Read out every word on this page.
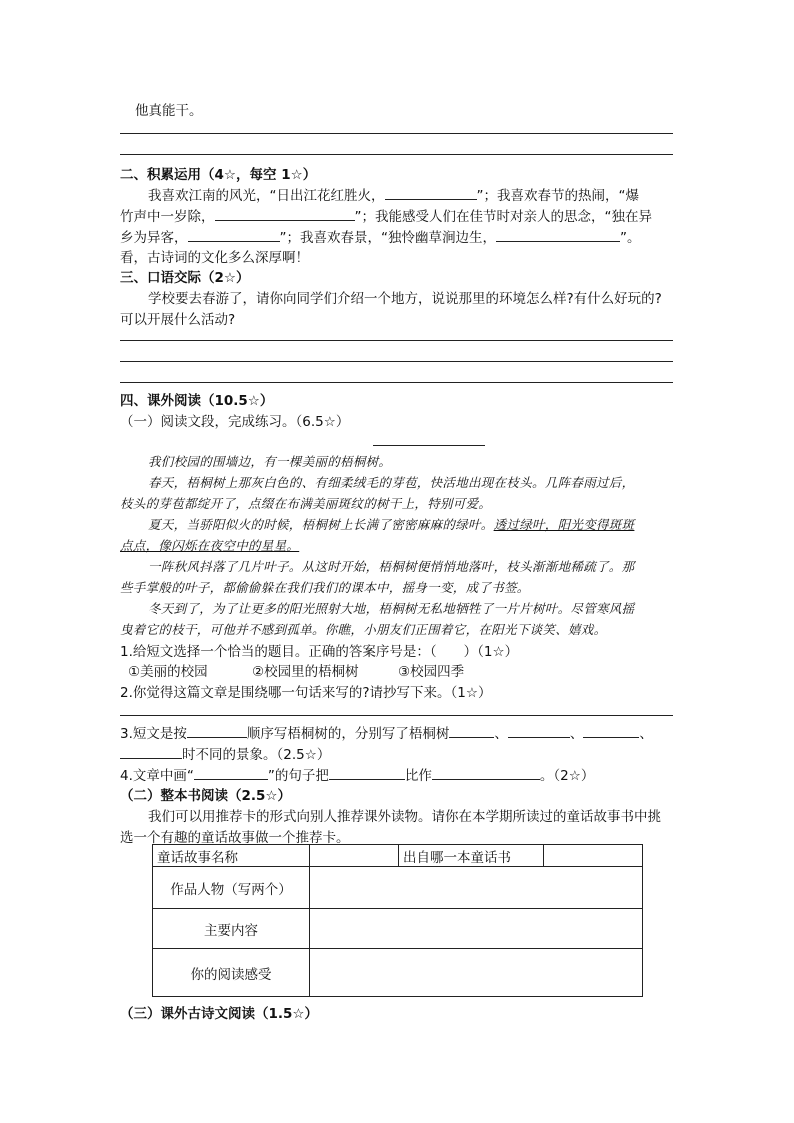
他真能干。
二、积累运用（4☆，每空 1☆）
我喜欢江南的风光，“日出江花红胜火，	”；我喜欢春节的热闹，“爆
竹声中一岁除，	”；我能感受人们在佳节时对亲人的思念，“独在异
乡为异客，	”；我喜欢春景，“独怜幽草涧边生，	”。
看，古诗词的文化多么深厚啊！
三、口语交际（2☆）
学校要去春游了，请你向同学们介绍一个地方，说说那里的环境怎么样?有什么好玩的?
可以开展什么活动?
四、课外阅读（10.5☆）
（一）阅读文段，完成练习。（6.5☆）
我们校园的围墙边，有一棵美丽的梧桐树。
春天，梧桐树上那灰白色的、有细柔绒毛的芽苞，快活地出现在枝头。几阵春雨过后，
枝头的芽苞都绽开了，点缀在布满美丽斑纹的树干上，特别可爱。
夏天，当骄阳似火的时候，梧桐树上长满了密密麻麻的绿叶。透过绿叶，阳光变得斑斑
点点，像闪烁在夜空中的星星。
一阵秋风抖落了几片叶子。从这时开始，梧桐树便悄悄地落叶，枝头渐渐地稀疏了。那
些手掌般的叶子，都偷偷躲在我们我们的课本中，摇身一变，成了书签。
冬天到了，为了让更多的阳光照射大地，梧桐树无私地牺牲了一片片树叶。尽管寒风摇
曳着它的枝干，可他并不感到孤单。你瞧，小朋友们正围着它，在阳光下谈笑、嬉戏。
1.给短文选择一个恰当的题目。正确的答案序号是：（　　）（1☆）
①美丽的校园	②校园里的梧桐树	③校园四季
2.你觉得这篇文章是围绕哪一句话来写的?请抄写下来。（1☆）
3.短文是按	顺序写梧桐树的，分别写了梧桐树	、	、	、
时不同的景象。（2.5☆）
4.文章中画“	”的句子把	比作	。（2☆）
（二）整本书阅读（2.5☆）
我们可以用推荐卡的形式向别人推荐课外读物。请你在本学期所读过的童话故事书中挑
选一个有趣的童话故事做一个推荐卡。
童话故事名称		出自哪一本童话书	
作品人物（写两个）			
主要内容			
你的阅读感受			
（三）课外古诗文阅读（1.5☆）
